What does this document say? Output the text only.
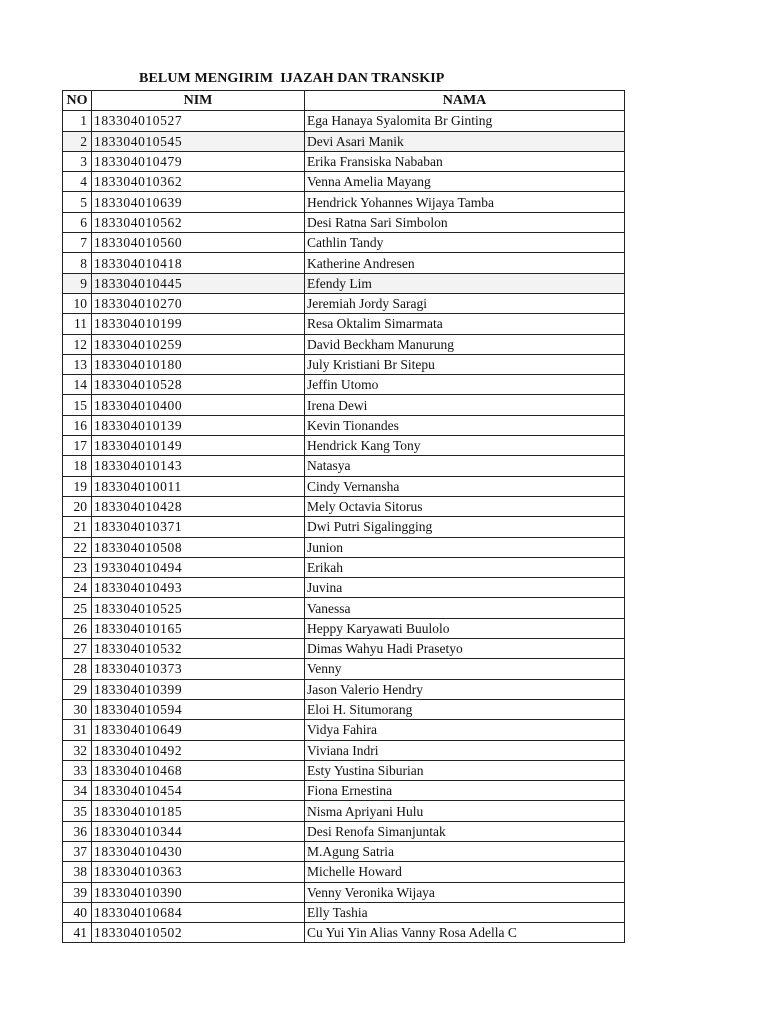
BELUM MENGIRIM  IJAZAH DAN TRANSKIP
NO	NIM	NAMA
1	183304010527	Ega Hanaya Syalomita Br Ginting
2	183304010545	Devi Asari Manik
3	183304010479	Erika Fransiska Nababan
4	183304010362	Venna Amelia Mayang
5	183304010639	Hendrick Yohannes Wijaya Tamba
6	183304010562	Desi Ratna Sari Simbolon
7	183304010560	Cathlin Tandy
8	183304010418	Katherine Andresen
9	183304010445	Efendy Lim
10	183304010270	Jeremiah Jordy Saragi
11	183304010199	Resa Oktalim Simarmata
12	183304010259	David Beckham Manurung
13	183304010180	July Kristiani Br Sitepu
14	183304010528	Jeffin Utomo
15	183304010400	Irena Dewi
16	183304010139	Kevin Tionandes
17	183304010149	Hendrick Kang Tony
18	183304010143	Natasya
19	183304010011	Cindy Vernansha
20	183304010428	Mely Octavia Sitorus
21	183304010371	Dwi Putri Sigalingging
22	183304010508	Junion
23	193304010494	Erikah
24	183304010493	Juvina
25	183304010525	Vanessa
26	183304010165	Heppy Karyawati Buulolo
27	183304010532	Dimas Wahyu Hadi Prasetyo
28	183304010373	Venny
29	183304010399	Jason Valerio Hendry
30	183304010594	Eloi H. Situmorang
31	183304010649	Vidya Fahira
32	183304010492	Viviana Indri
33	183304010468	Esty Yustina Siburian
34	183304010454	Fiona Ernestina
35	183304010185	Nisma Apriyani Hulu
36	183304010344	Desi Renofa Simanjuntak
37	183304010430	M.Agung Satria
38	183304010363	Michelle Howard
39	183304010390	Venny Veronika Wijaya
40	183304010684	Elly Tashia
41	183304010502	Cu Yui Yin Alias Vanny Rosa Adella C
